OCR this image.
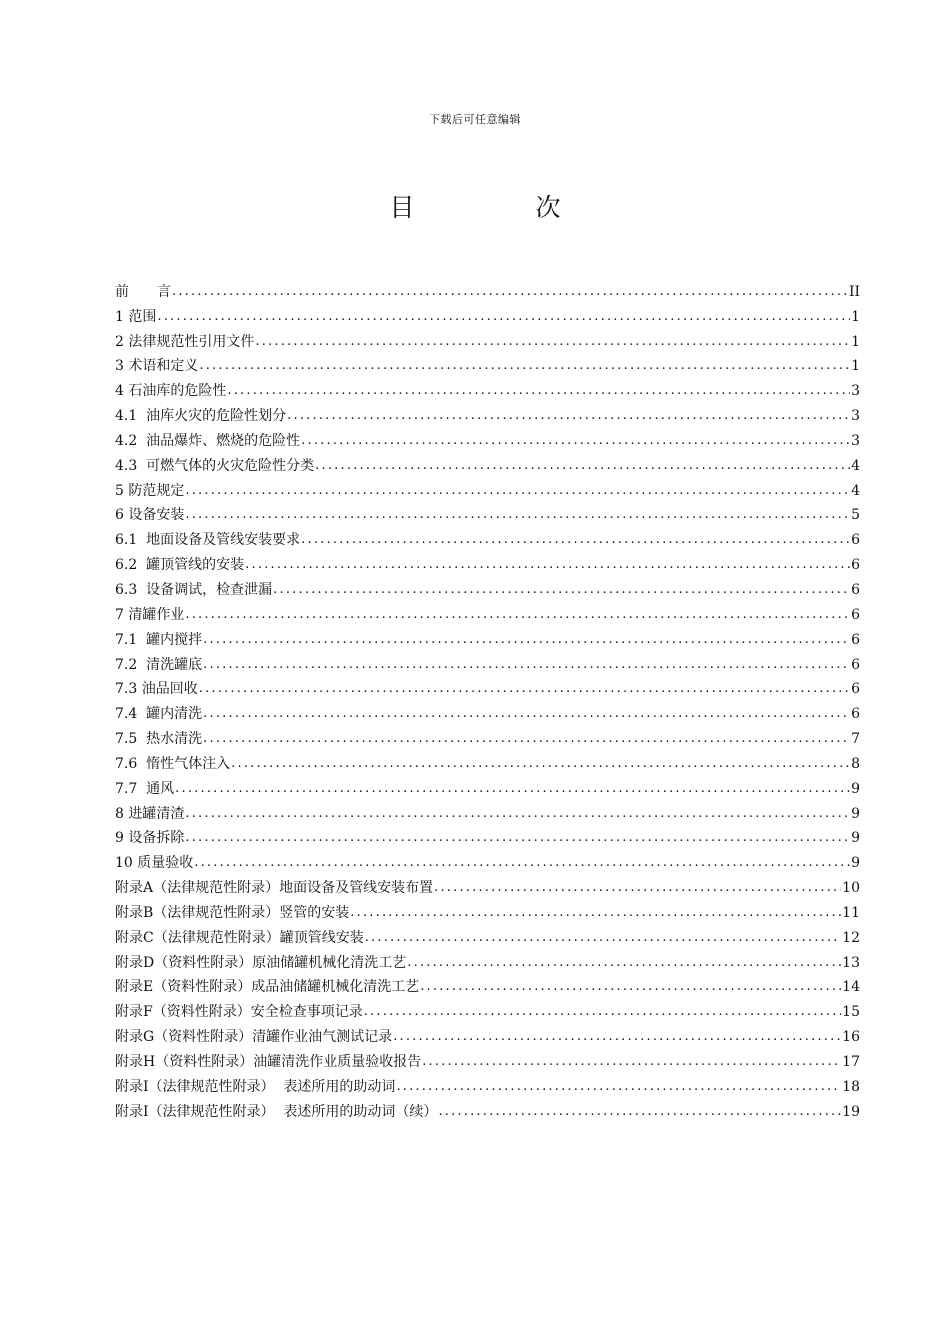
下载后可任意编辑
目　次
前　　言 .....	II
1 范围 .....	1
2 法律规范性引用文件 .....	1
3 术语和定义 .....	1
4 石油库的危险性 .....	3
4.1  油库火灾的危险性划分 .....	3
4.2  油品爆炸、燃烧的危险性 .....	3
4.3  可燃气体的火灾危险性分类 .....	4
5 防范规定 .....	4
6 设备安装 .....	5
6.1  地面设备及管线安装要求 .....	6
6.2  罐顶管线的安装 .....	6
6.3  设备调试，检查泄漏 .....	6
7 清罐作业 .....	6
7.1  罐内搅拌 .....	6
7.2  清洗罐底 .....	6
7.3 油品回收 .....	6
7.4  罐内清洗 .....	6
7.5  热水清洗 .....	7
7.6  惰性气体注入 .....	8
7.7  通风 .....	9
8 进罐清渣 .....	9
9 设备拆除 .....	9
10 质量验收 .....	9
附录A（法律规范性附录）地面设备及管线安装布置 .....	10
附录B（法律规范性附录）竖管的安装 .....	11
附录C（法律规范性附录）罐顶管线安装 .....	12
附录D（资料性附录）原油储罐机械化清洗工艺 .....	13
附录E（资料性附录）成品油储罐机械化清洗工艺 .....	14
附录F（资料性附录）安全检查事项记录 .....	15
附录G（资料性附录）清罐作业油气测试记录 .....	16
附录H（资料性附录）油罐清洗作业质量验收报告 .....	17
附录I（法律规范性附录）  表述所用的助动词 .....	18
附录I（法律规范性附录）  表述所用的助动词（续） .....	19
